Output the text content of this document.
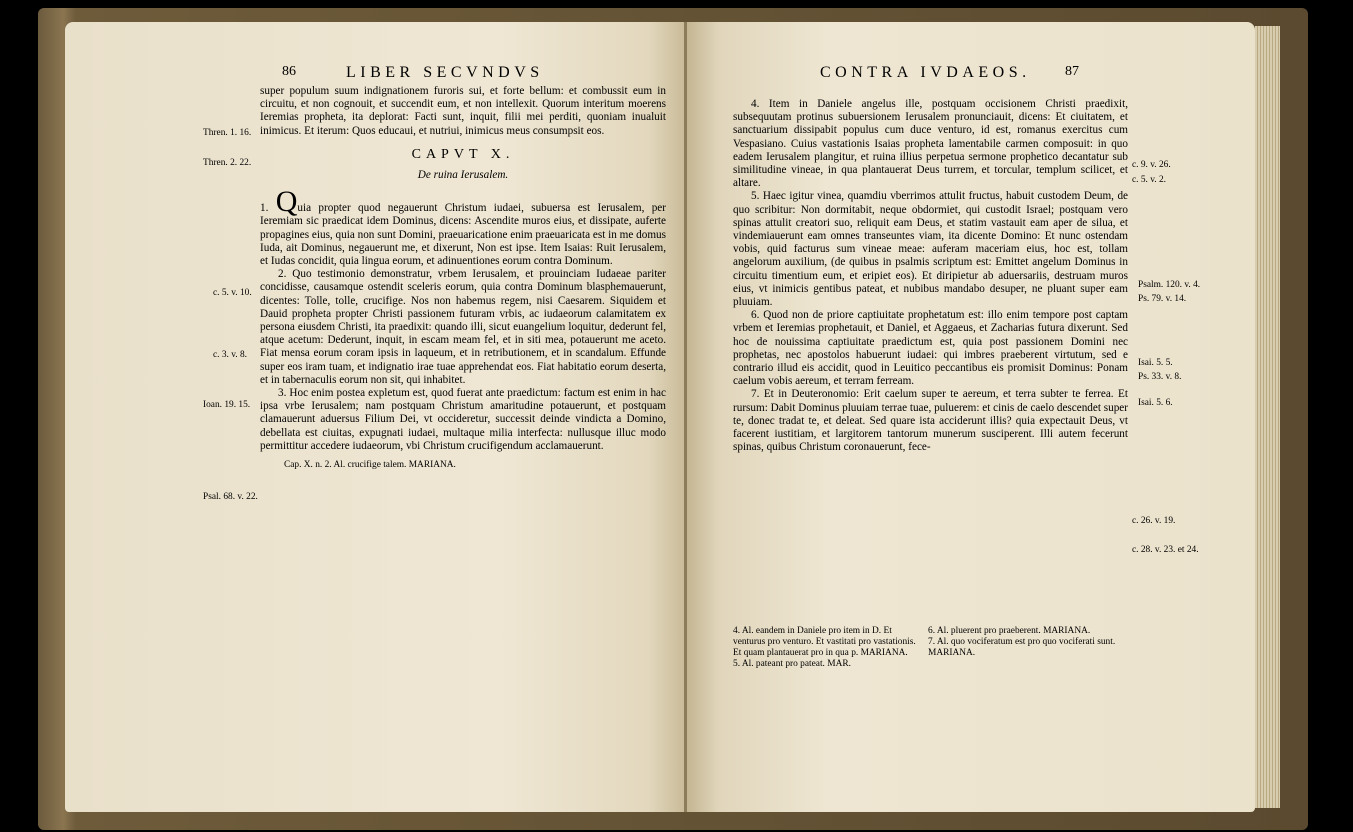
86	LIBER SECVNDVS

super populum suum indignationem furoris sui, et forte bellum: et combussit eum in circuitu, et non cognouit, et succendit eum, et non intellexit. Quorum interitum moerens Ieremias propheta, ita deplorat: Facti sunt, inquit, filii mei perditi, quoniam inualuit inimicus. Et iterum: Quos educaui, et nutriui, inimicus meus consumpsit eos.

CAPVT X.
De ruina Ierusalem.

1. Quia propter quod negauerunt Christum iudaei, subuersa est Ierusalem, per Ieremiam sic praedicat idem Dominus, dicens: Ascendite muros eius, et dissipate, auferte propagines eius, quia non sunt Domini, praeuaricatione enim praeuaricata est in me domus Iuda, ait Dominus, negauerunt me, et dixerunt, Non est ipse. Item Isaias: Ruit Ierusalem, et Iudas concidit, quia lingua eorum, et adinuentiones eorum contra Dominum.

2. Quo testimonio demonstratur, vrbem Ierusalem, et prouinciam Iudaeae pariter concidisse, causamque ostendit sceleris eorum, quia contra Dominum blasphemauerunt, dicentes: Tolle, tolle, crucifige. Nos non habemus regem, nisi Caesarem. Siquidem et Dauid propheta propter Christi passionem futuram vrbis, ac iudaeorum calamitatem ex persona eiusdem Christi, ita praedixit: quando illi, sicut euangelium loquitur, dederunt fel, atque acetum: Dederunt, inquit, in escam meam fel, et in siti mea, potauerunt me aceto. Fiat mensa eorum coram ipsis in laqueum, et in retributionem, et in scandalum. Effunde super eos iram tuam, et indignatio irae tuae apprehendat eos. Fiat habitatio eorum deserta, et in tabernaculis eorum non sit, qui inhabitet.

3. Hoc enim postea expletum est, quod fuerat ante praedictum: factum est enim in hac ipsa vrbe Ierusalem; nam postquam Christum amaritudine potauerunt, et postquam clamauerunt aduersus Filium Dei, vt occideretur, successit deinde vindicta a Domino, debellata est ciuitas, expugnati iudaei, multaque milia interfecta: nullusque illuc modo permittitur accedere iudaeorum, vbi Christum crucifigendum acclamauerunt.

Cap. X. n. 2. Al. crucifige talem. MARIANA.

Thren. 1. 16.
Thren. 2. 22.
c. 5. v. 10.
c. 3. v. 8.
Ioan. 19. 15.
Psal. 68. v. 22.
CONTRA IVDAEOS. 87

4. Item in Daniele angelus ille, postquam occisionem Christi praedixit, subsequutam protinus subuersionem Ierusalem pronunciauit, dicens: Et ciuitatem, et sanctuarium dissipabit populus cum duce venturo, id est, romanus exercitus cum Vespasiano. Cuius vastationis Isaias propheta lamentabile carmen composuit: in quo eadem Ierusalem plangitur, et ruina illius perpetua sermone prophetico decantatur sub similitudine vineae, in qua plantauerat Deus turrem, et torcular, templum scilicet, et altare.

5. Haec igitur vinea, quamdiu vberrimos attulit fructus, habuit custodem Deum, de quo scribitur: Non dormitabit, neque obdormiet, qui custodit Israel; postquam vero spinas attulit creatori suo, reliquit eam Deus, et statim vastauit eam aper de silua, et vindemiauerunt eam omnes transeuntes viam, ita dicente Domino: Et nunc ostendam vobis, quid facturus sum vineae meae: auferam maceriam eius, hoc est, tollam angelorum auxilium, (de quibus in psalmis scriptum est: Emittet angelum Dominus in circuitu timentium eum, et eripiet eos). Et diripietur ab aduersariis, destruam muros eius, vt inimicis gentibus pateat, et nubibus mandabo desuper, ne pluant super eam pluuiam.

6. Quod non de priore captiuitate prophetatum est: illo enim tempore post captam vrbem et Ieremias prophetauit, et Daniel, et Aggaeus, et Zacharias futura dixerunt. Sed hoc de nouissima captiuitate praedictum est, quia post passionem Domini nec prophetas, nec apostolos habuerunt iudaei: qui imbres praeberent virtutum, sed e contrario illud eis accidit, quod in Leuitico peccantibus eis promisit Dominus: Ponam caelum vobis aereum, et terram ferream.

7. Et in Deuteronomio: Erit caelum super te aereum, et terra subter te ferrea. Et rursum: Dabit Dominus pluuiam terrae tuae, puluerem: et cinis de caelo descendet super te, donec tradat te, et deleat. Sed quare ista acciderunt illis? quia expectauit Deus, vt facerent iustitiam, et largitorem tantorum munerum susciperent. Illi autem fecerunt spinas, quibus Christum coronauerunt, fece-

4. Al. eandem in Daniele pro item in D. Et venturus pro venturo. Et vastitati pro vastationis. Et quam plantauerat pro in qua p. MARIANA.

5. Al. pateant pro pateat. MAR.

6. Al. pluerent pro praeberent. MARIANA.

7. Al. quo vociferatum est pro quo vociferati sunt. MARIANA.

c. 9. v. 26.
c. 5. v. 2.
Psalm. 120. v. 4.
Ps. 79. v. 14.
Isai. 5. 5.
Ps. 33. v. 8.
Isai. 5. 6.
c. 26. v. 19.
c. 28. v. 23. et 24.
